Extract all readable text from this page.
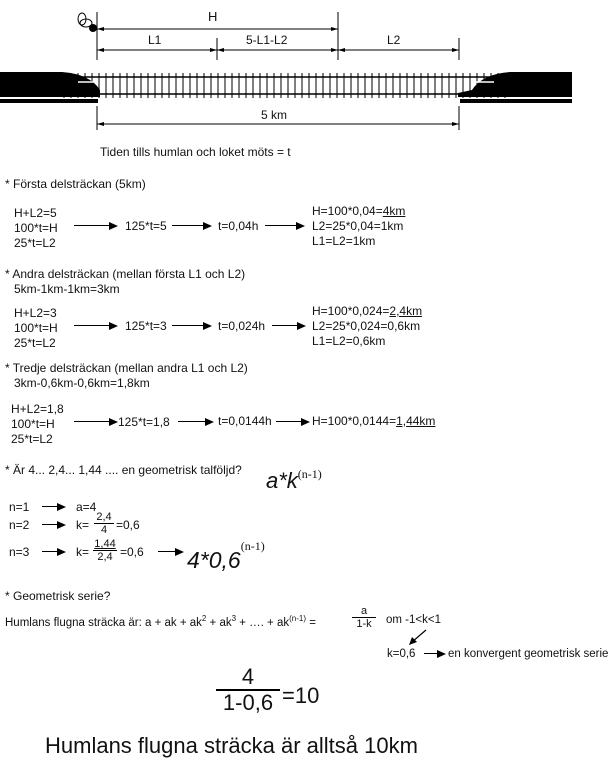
H
L1	5-L1-L2	L2
5 km
Tiden tills humlan och loket möts = t
* Första delsträckan (5km)
H+L2=5
100*t=H
25*t=L2
125*t=5	t=0,04h
H=100*0,04=4km
L2=25*0,04=1km
L1=L2=1km
* Andra delsträckan (mellan första L1 och L2)
5km-1km-1km=3km
H+L2=3
100*t=H
25*t=L2
125*t=3	t=0,024h
H=100*0,024=2,4km
L2=25*0,024=0,6km
L1=L2=0,6km
* Tredje delsträckan (mellan andra L1 och L2)
3km-0,6km-0,6km=1,8km
H+L2=1,8
100*t=H
25*t=L2
125*t=1,8	t=0,0144h	H=100*0,0144=1,44km
* Är 4... 2,4... 1,44 .... en geometrisk talföljd? $a*k^{(n-1)}$
n=1	a=4
n=2	k=
2,4
4 =0,6
n=3	$k= \frac{1,44}{2,4} =0,6$ 4*0,6$^{(n-1)}$
* Geometrisk serie?
Humlans flugna sträcka är: a + ak + $ak^2 + ak^3$ + …. + $ak^{(n-1)}$ =
a
1-k	om -1<k<1
k=0,6	en konvergent geometrisk serie
4
1-0,6 =10
Humlans flugna sträcka är alltså 10km
